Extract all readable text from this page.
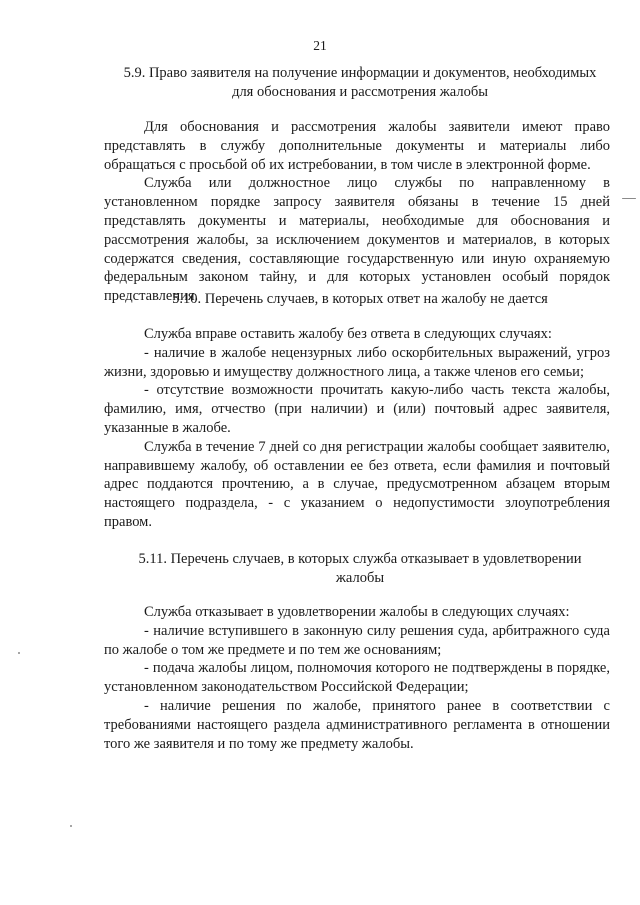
21
5.9. Право заявителя на получение информации и документов, необходимых
для обоснования и рассмотрения жалобы

Для обоснования и рассмотрения жалобы заявители имеют право представлять в службу дополнительные документы и материалы либо обращаться с просьбой об их истребовании, в том числе в электронной форме.

Служба или должностное лицо службы по направленному в установленном порядке запросу заявителя обязаны в течение 15 дней представлять документы и материалы, необходимые для обоснования и рассмотрения жалобы, за исключением документов и материалов, в которых содержатся сведения, составляющие государственную или иную охраняемую федеральным законом тайну, и для которых установлен особый порядок представления.

5.10. Перечень случаев, в которых ответ на жалобу не дается

Служба вправе оставить жалобу без ответа в следующих случаях:

- наличие в жалобе нецензурных либо оскорбительных выражений, угроз жизни, здоровью и имуществу должностного лица, а также членов его семьи;

- отсутствие возможности прочитать какую-либо часть текста жалобы, фамилию, имя, отчество (при наличии) и (или) почтовый адрес заявителя, указанные в жалобе.

Служба в течение 7 дней со дня регистрации жалобы сообщает заявителю, направившему жалобу, об оставлении ее без ответа, если фамилия и почтовый адрес поддаются прочтению, а в случае, предусмотренном абзацем вторым настоящего подраздела, - с указанием о недопустимости злоупотребления правом.

5.11. Перечень случаев, в которых служба отказывает в удовлетворении
жалобы

Служба отказывает в удовлетворении жалобы в следующих случаях:

- наличие вступившего в законную силу решения суда, арбитражного суда по жалобе о том же предмете и по тем же основаниям;

- подача жалобы лицом, полномочия которого не подтверждены в порядке, установленном законодательством Российской Федерации;

- наличие решения по жалобе, принятого ранее в соответствии с требованиями настоящего раздела административного регламента в отношении того же заявителя и по тому же предмету жалобы.
